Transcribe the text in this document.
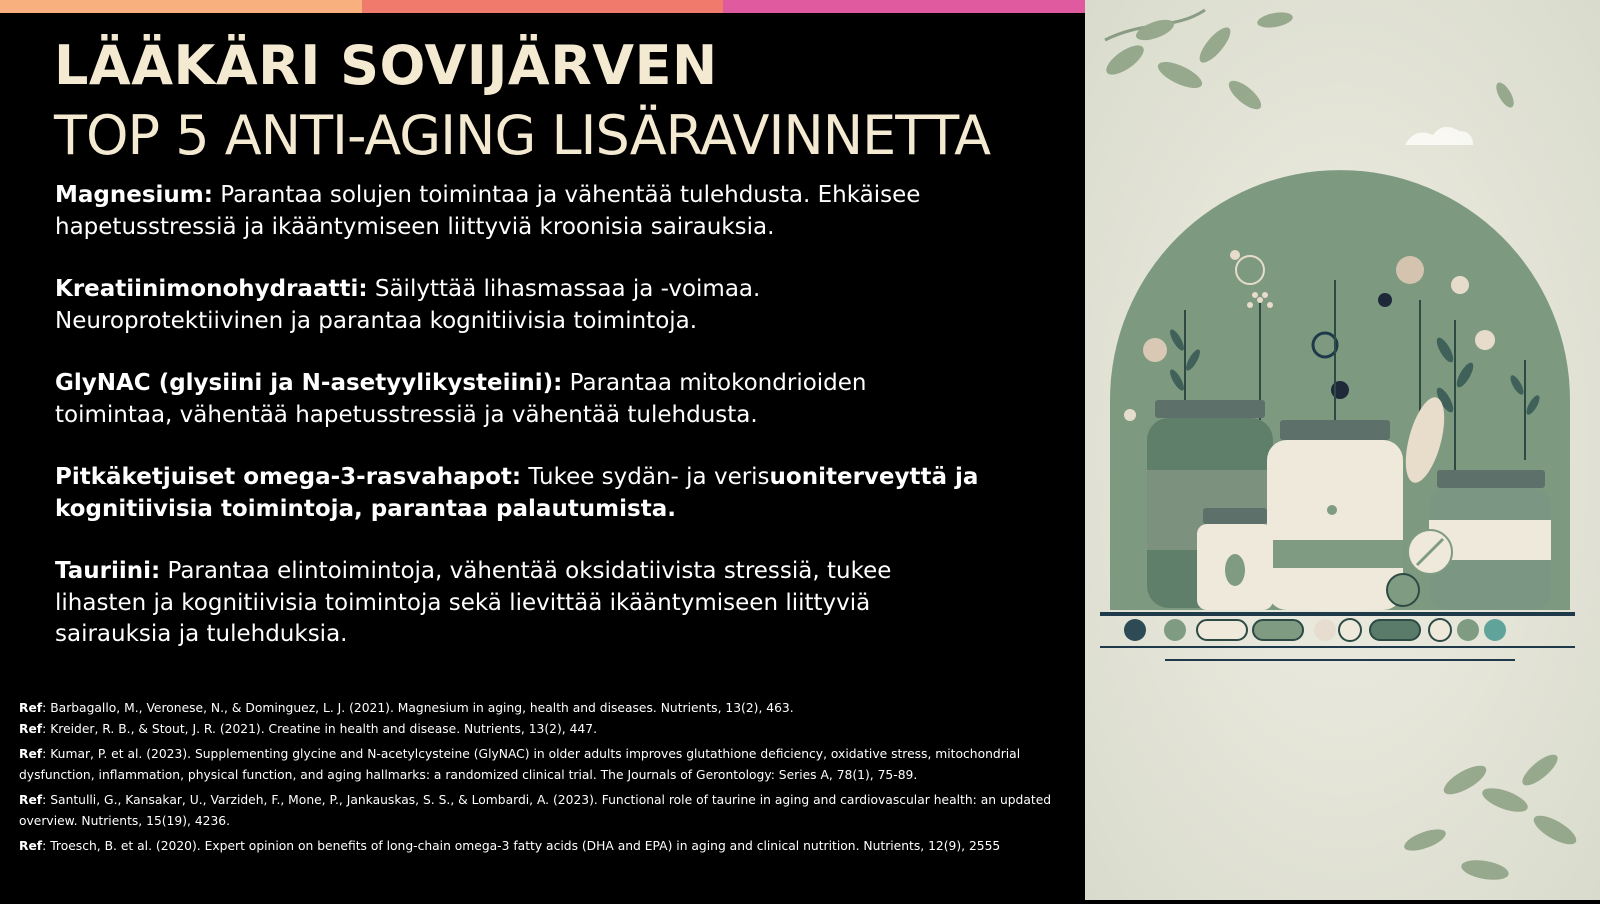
LÄÄKÄRI SOVIJÄRVEN
TOP 5 ANTI-AGING LISÄRAVINNETTA
Magnesium: Parantaa solujen toimintaa ja vähentää tulehdusta. Ehkäisee hapetusstressiä ja ikääntymiseen liittyviä kroonisia sairauksia.
Kreatiinimonohydraatti: Säilyttää lihasmassaa ja -voimaa. Neuroprotektiivinen ja parantaa kognitiivisia toimintoja.
GlyNAC (glysiini ja N-asetyylikysteiini): Parantaa mitokondrioiden toimintaa, vähentää hapetusstressiä ja vähentää tulehdusta.
Pitkäketjuiset omega-3-rasvahapot: Tukee sydän- ja verisuoniterveyttä ja kognitiivisia toimintoja, parantaa palautumista.
Tauriini: Parantaa elintoimintoja, vähentää oksidatiivista stressiä, tukee lihasten ja kognitiivisia toimintoja sekä lievittää ikääntymiseen liittyviä sairauksia ja tulehduksia.
Ref: Barbagallo, M., Veronese, N., & Dominguez, L. J. (2021). Magnesium in aging, health and diseases. Nutrients, 13(2), 463.
Ref: Kreider, R. B., & Stout, J. R. (2021). Creatine in health and disease. Nutrients, 13(2), 447.
Ref: Kumar, P. et al. (2023). Supplementing glycine and N-acetylcysteine (GlyNAC) in older adults improves glutathione deficiency, oxidative stress, mitochondrial dysfunction, inflammation, physical function, and aging hallmarks: a randomized clinical trial. The Journals of Gerontology: Series A, 78(1), 75-89.
Ref: Santulli, G., Kansakar, U., Varzideh, F., Mone, P., Jankauskas, S. S., & Lombardi, A. (2023). Functional role of taurine in aging and cardiovascular health: an updated overview. Nutrients, 15(19), 4236.
Ref: Troesch, B. et al. (2020). Expert opinion on benefits of long-chain omega-3 fatty acids (DHA and EPA) in aging and clinical nutrition. Nutrients, 12(9), 2555
